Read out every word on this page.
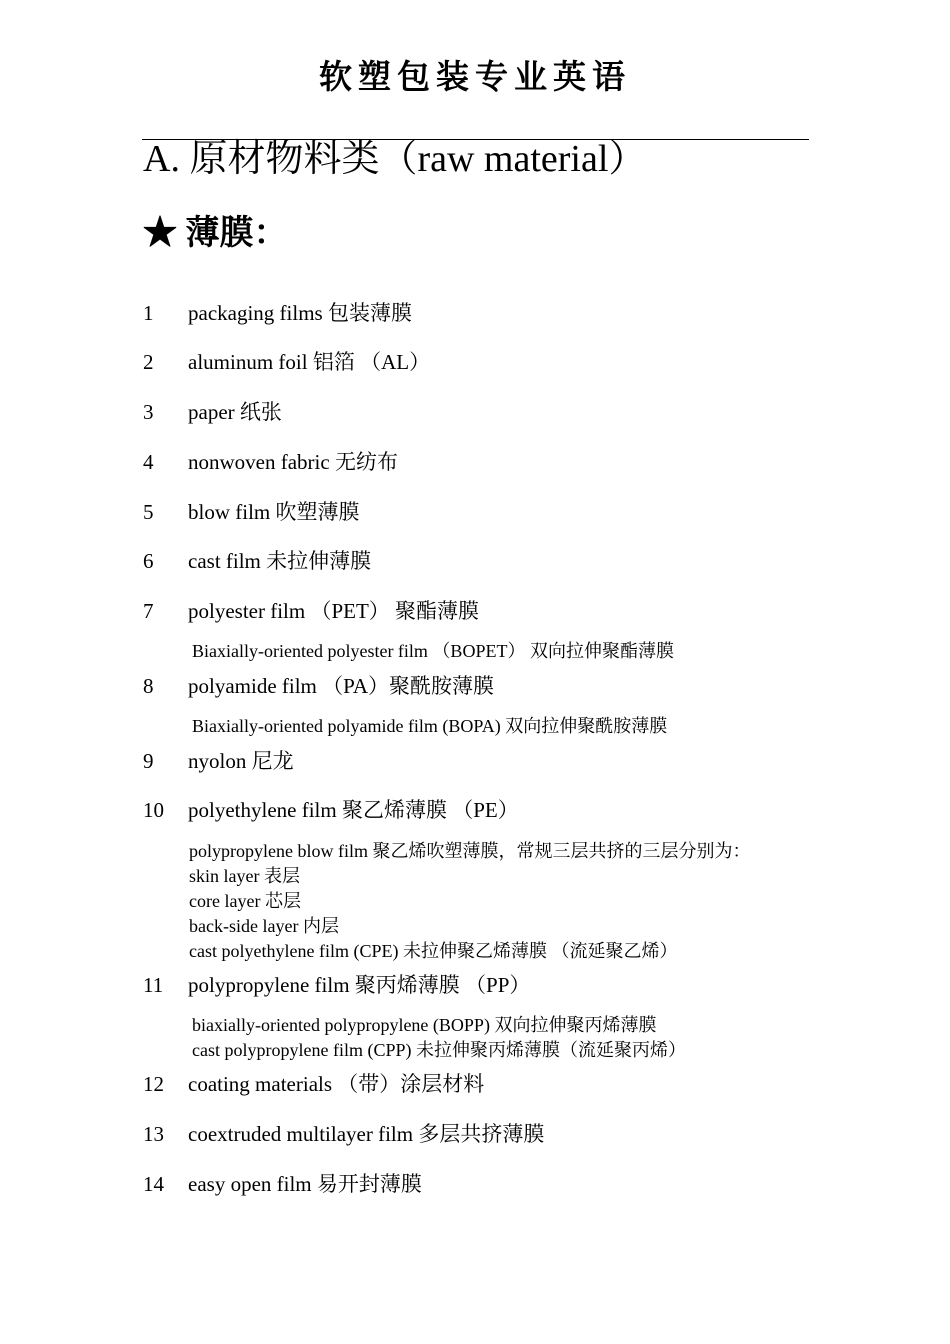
软塑包装专业英语
A. 原材物料类（raw material）
★ 薄膜：
1 packaging films 包装薄膜
2 aluminum foil 铝箔 （AL）
3 paper 纸张
4 nonwoven fabric 无纺布
5 blow film 吹塑薄膜
6 cast film 未拉伸薄膜
7 polyester film （PET） 聚酯薄膜
Biaxially-oriented polyester film （BOPET） 双向拉伸聚酯薄膜
8 polyamide film （PA）聚酰胺薄膜
Biaxially-oriented polyamide film (BOPA) 双向拉伸聚酰胺薄膜
9 nyolon 尼龙
10 polyethylene film 聚乙烯薄膜 （PE）
polypropylene blow film 聚乙烯吹塑薄膜，常规三层共挤的三层分别为：
skin layer 表层
core layer 芯层
back-side layer 内层
cast polyethylene film (CPE) 未拉伸聚乙烯薄膜 （流延聚乙烯）
11 polypropylene film 聚丙烯薄膜 （PP）
biaxially-oriented polypropylene (BOPP) 双向拉伸聚丙烯薄膜
cast polypropylene film (CPP) 未拉伸聚丙烯薄膜（流延聚丙烯）
12 coating materials （带）涂层材料
13 coextruded multilayer film 多层共挤薄膜
14 easy open film 易开封薄膜
